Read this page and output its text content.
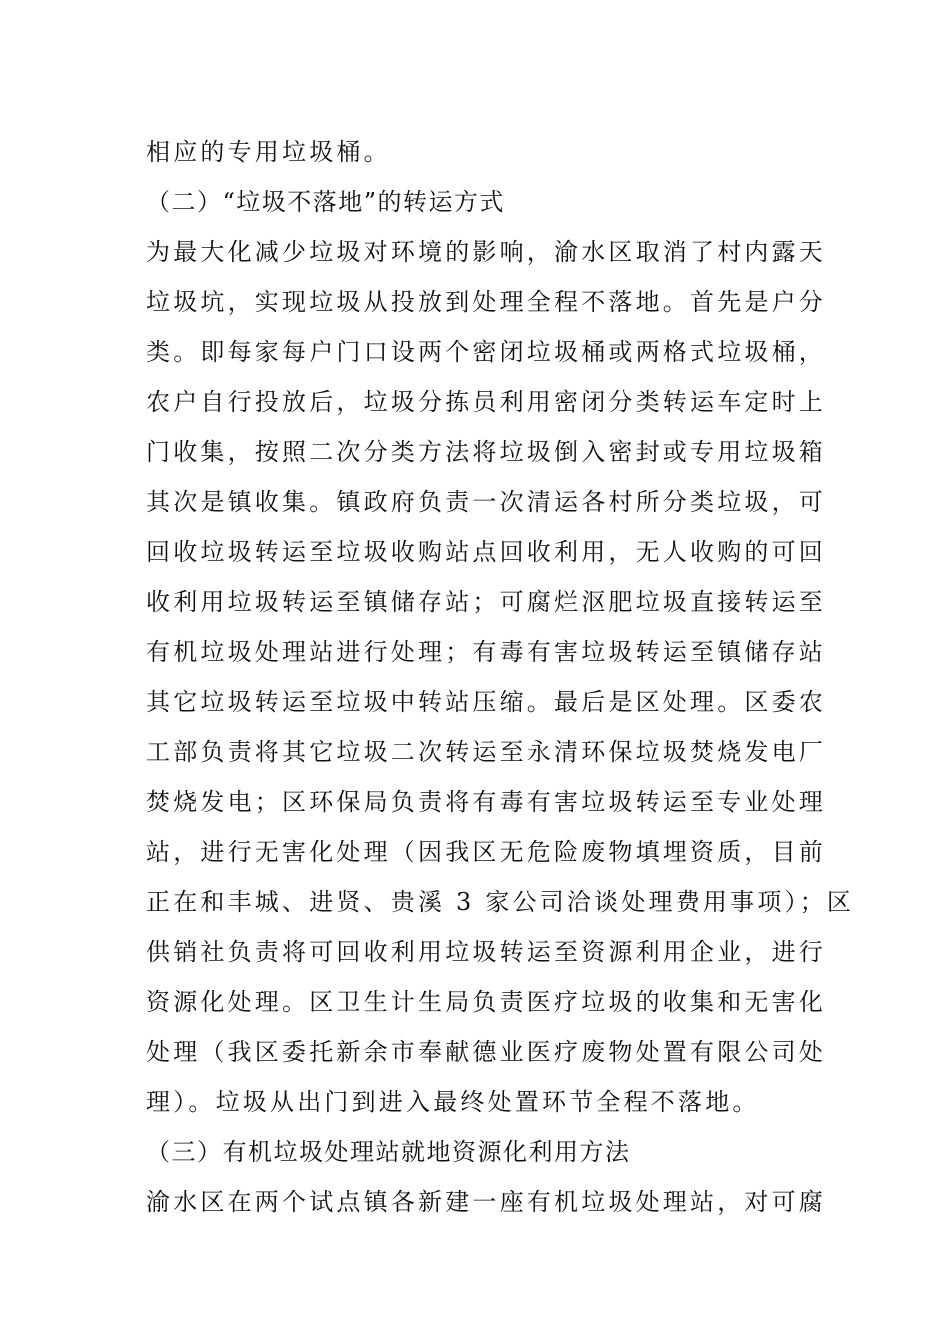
相应的专用垃圾桶。
（二）“垃圾不落地”的转运方式
为最大化减少垃圾对环境的影响，渝水区取消了村内露天
垃圾坑，实现垃圾从投放到处理全程不落地。首先是户分
类。即每家每户门口设两个密闭垃圾桶或两格式垃圾桶，
农户自行投放后，垃圾分拣员利用密闭分类转运车定时上
门收集，按照二次分类方法将垃圾倒入密封或专用垃圾箱
其次是镇收集。镇政府负责一次清运各村所分类垃圾，可
回收垃圾转运至垃圾收购站点回收利用，无人收购的可回
收利用垃圾转运至镇储存站；可腐烂沤肥垃圾直接转运至
有机垃圾处理站进行处理；有毒有害垃圾转运至镇储存站
其它垃圾转运至垃圾中转站压缩。最后是区处理。区委农
工部负责将其它垃圾二次转运至永清环保垃圾焚烧发电厂
焚烧发电；区环保局负责将有毒有害垃圾转运至专业处理
站，进行无害化处理（因我区无危险废物填埋资质，目前
正在和丰城、进贤、贵溪 3 家公司洽谈处理费用事项）；区
供销社负责将可回收利用垃圾转运至资源利用企业，进行
资源化处理。区卫生计生局负责医疗垃圾的收集和无害化
处理（我区委托新余市奉献德业医疗废物处置有限公司处
理）。垃圾从出门到进入最终处置环节全程不落地。
（三）有机垃圾处理站就地资源化利用方法
渝水区在两个试点镇各新建一座有机垃圾处理站，对可腐
